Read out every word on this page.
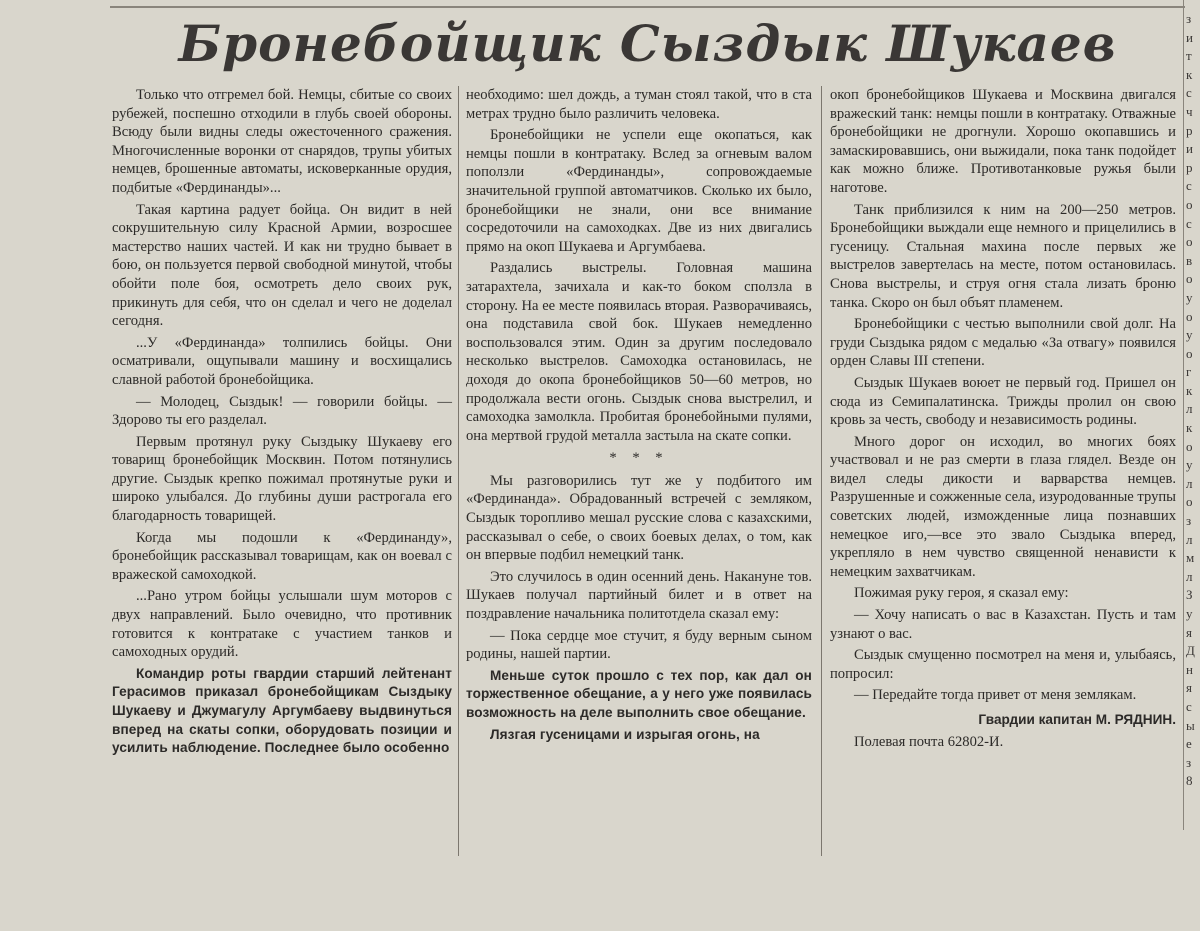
Бронебойщик Сыздык Шукаев

Только что отгремел бой. Немцы, сбитые со своих рубежей, поспешно отходили в глубь своей обороны. Всюду были видны следы ожесточенного сражения. Многочисленные воронки от снарядов, трупы убитых немцев, брошенные автоматы, исковерканные орудия, подбитые «Фердинанды»...

Такая картина радует бойца. Он видит в ней сокрушительную силу Красной Армии, возросшее мастерство наших частей. И как ни трудно бывает в бою, он пользуется первой свободной минутой, чтобы обойти поле боя, осмотреть дело своих рук, прикинуть для себя, что он сделал и чего не доделал сегодня.

...У «Фердинанда» толпились бойцы. Они осматривали, ощупывали машину и восхищались славной работой бронебойщика.

— Молодец, Сыздык! — говорили бойцы. — Здорово ты его разделал.

Первым протянул руку Сыздыку Шукаеву его товарищ бронебойщик Москвин. Потом потянулись другие. Сыздык крепко пожимал протянутые руки и широко улыбался. До глубины души растрогала его благодарность товарищей.

Когда мы подошли к «Фердинанду», бронебойщик рассказывал товарищам, как он воевал с вражеской самоходкой.

...Рано утром бойцы услышали шум моторов с двух направлений. Было очевидно, что противник готовится к контратаке с участием танков и самоходных орудий.

Командир роты гвардии старший лейтенант Герасимов приказал бронебойщикам Сыздыку Шукаеву и Джумагулу Аргумбаеву выдвинуться вперед на скаты сопки, оборудовать позиции и усилить наблюдение. Последнее было особенно

необходимо: шел дождь, а туман стоял такой, что в ста метрах трудно было различить человека.

Бронебойщики не успели еще окопаться, как немцы пошли в контратаку. Вслед за огневым валом поползли «Фердинанды», сопровождаемые значительной группой автоматчиков. Сколько их было, бронебойщики не знали, они все внимание сосредоточили на самоходках. Две из них двигались прямо на окоп Шукаева и Аргумбаева.

Раздались выстрелы. Головная машина затарахтела, зачихала и как-то боком сползла в сторону. На ее месте появилась вторая. Разворачиваясь, она подставила свой бок. Шукаев немедленно воспользовался этим. Один за другим последовало несколько выстрелов. Самоходка остановилась, не доходя до окопа бронебойщиков 50—60 метров, но продолжала вести огонь. Сыздык снова выстрелил, и самоходка замолкла. Пробитая бронебойными пулями, она мертвой грудой металла застыла на скате сопки.

* * *

Мы разговорились тут же у подбитого им «Фердинанда». Обрадованный встречей с земляком, Сыздык торопливо мешал русские слова с казахскими, рассказывал о себе, о своих боевых делах, о том, как он впервые подбил немецкий танк.

Это случилось в один осенний день. Накануне тов. Шукаев получал партийный билет и в ответ на поздравление начальника политотдела сказал ему:

— Пока сердце мое стучит, я буду верным сыном родины, нашей партии.

Меньше суток прошло с тех пор, как дал он торжественное обещание, а у него уже появилась возможность на деле выполнить свое обещание.

Лязгая гусеницами и изрыгая огонь, на

окоп бронебойщиков Шукаева и Москвина двигался вражеский танк: немцы пошли в контратаку. Отважные бронебойщики не дрогнули. Хорошо окопавшись и замаскировавшись, они выжидали, пока танк подойдет как можно ближе. Противотанковые ружья были наготове.

Танк приблизился к ним на 200—250 метров. Бронебойщики выждали еще немного и прицелились в гусеницу. Стальная махина после первых же выстрелов завертелась на месте, потом остановилась. Снова выстрелы, и струя огня стала лизать броню танка. Скоро он был объят пламенем.

Бронебойщики с честью выполнили свой долг. На груди Сыздыка рядом с медалью «За отвагу» появился орден Славы III степени.

Сыздык Шукаев воюет не первый год. Пришел он сюда из Семипалатинска. Трижды пролил он свою кровь за честь, свободу и независимость родины.

Много дорог он исходил, во многих боях участвовал и не раз смерти в глаза глядел. Везде он видел следы дикости и варварства немцев. Разрушенные и сожженные села, изуродованные трупы советских людей, изможденные лица познавших немецкое иго,—все это звало Сыздыка вперед, укрепляло в нем чувство священной ненависти к немецким захватчикам.

Пожимая руку героя, я сказал ему:

— Хочу написать о вас в Казахстан. Пусть и там узнают о вас.

Сыздык смущенно посмотрел на меня и, улыбаясь, попросил:

— Передайте тогда привет от меня землякам.

Гвардии капитан М. РЯДНИН.

Полевая почта 62802-И.

з
и
т
к
с
ч
р
и
р
с
о
с
о
в
о
у
о
у
о
г
к
л
к
о
у
л
о
з
л
м
л
З
у
я
Д
н
я
с
ы
е
з
8
